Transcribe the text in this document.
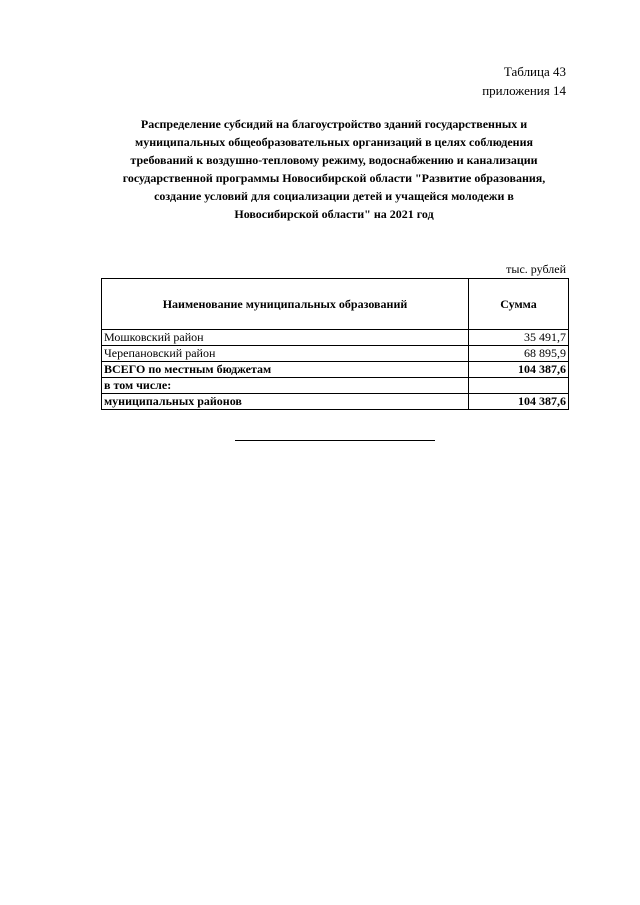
Таблица 43
приложения 14
Распределение субсидий на благоустройство зданий государственных и
муниципальных общеобразовательных организаций в целях соблюдения
требований к воздушно-тепловому режиму, водоснабжению и канализации
государственной программы Новосибирской области "Развитие образования,
создание условий для социализации детей и учащейся молодежи в
Новосибирской области" на 2021 год
тыс. рублей
Наименование муниципальных образований	Сумма
Мошковский район	35 491,7
Черепановский район	68 895,9
ВСЕГО по местным бюджетам	104 387,6
в том числе:	
муниципальных районов	104 387,6
